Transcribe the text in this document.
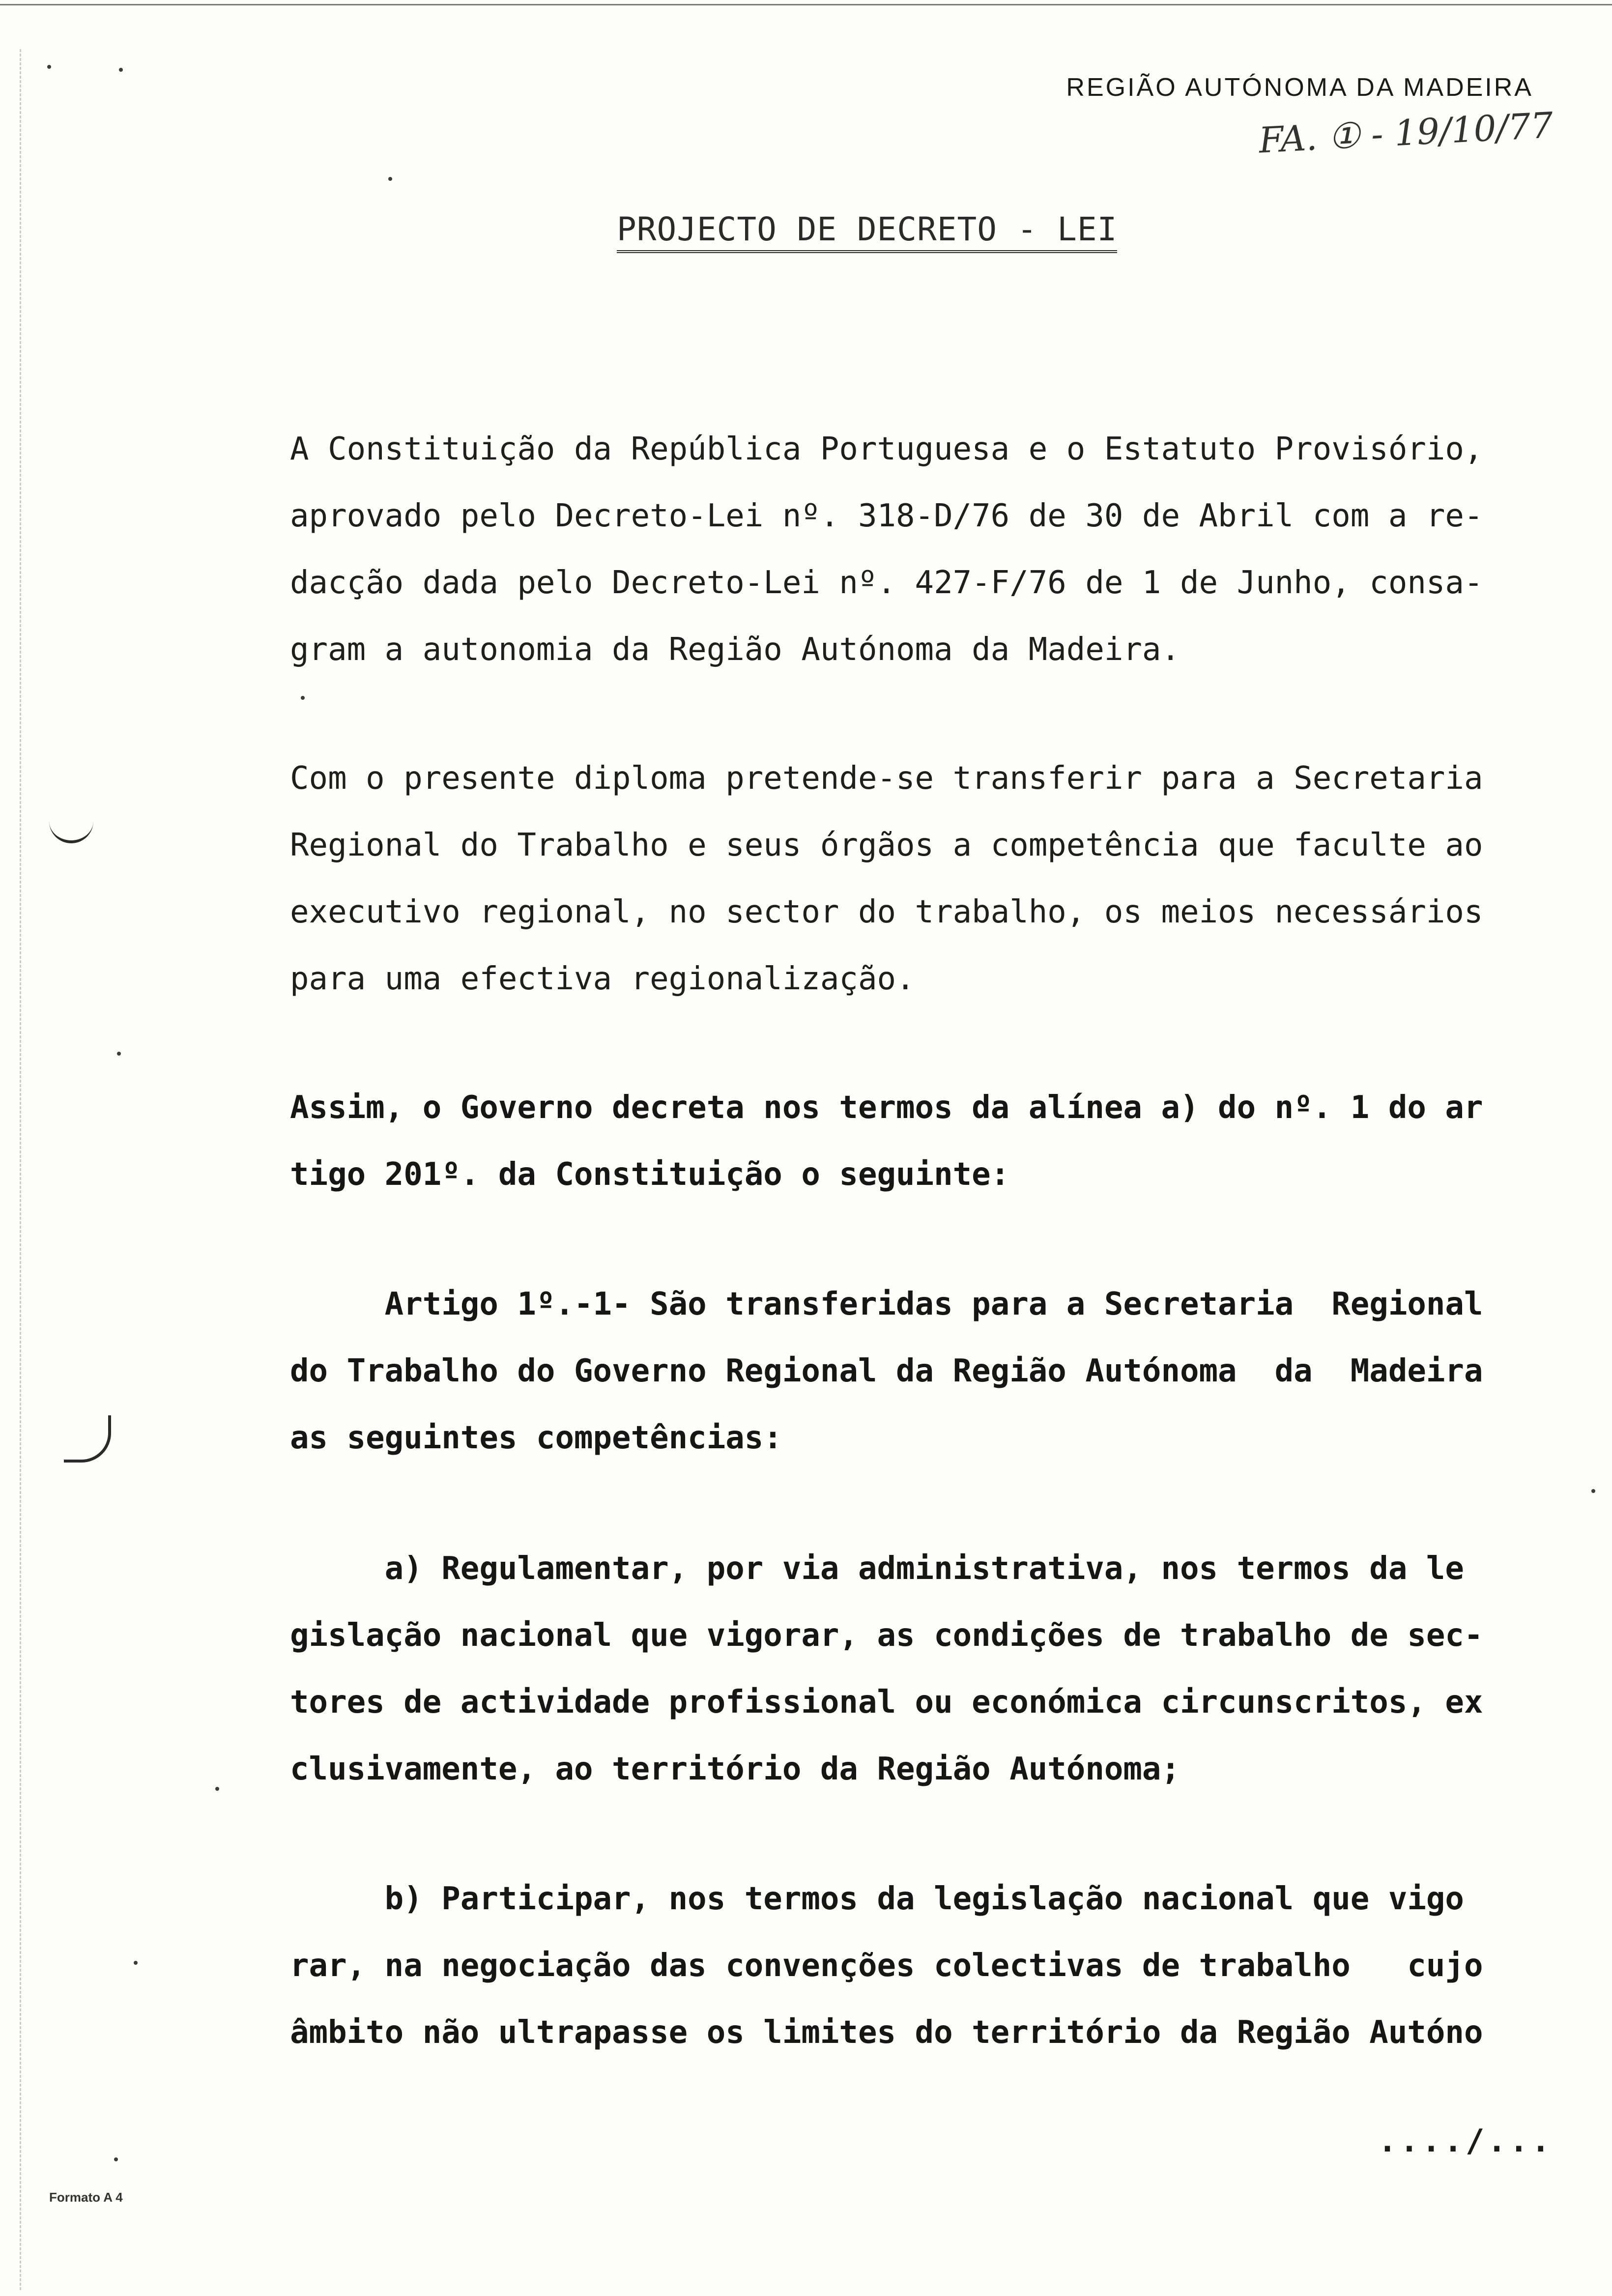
REGIÃO AUTÓNOMA DA MADEIRA
FA. ① - 19/10/77
PROJECTO DE DECRETO - LEI
A Constituição da República Portuguesa e o Estatuto Provisório,
aprovado pelo Decreto-Lei nº. 318-D/76 de 30 de Abril com a re-
dacção dada pelo Decreto-Lei nº. 427-F/76 de 1 de Junho, consa-
gram a autonomia da Região Autónoma da Madeira.
Com o presente diploma pretende-se transferir para a Secretaria
Regional do Trabalho e seus órgãos a competência que faculte ao
executivo regional, no sector do trabalho, os meios necessários
para uma efectiva regionalização.
Assim, o Governo decreta nos termos da alínea a) do nº. 1 do ar
tigo 201º. da Constituição o seguinte:
Artigo 1º.-1- São transferidas para a Secretaria  Regional
do Trabalho do Governo Regional da Região Autónoma  da  Madeira
as seguintes competências:
a) Regulamentar, por via administrativa, nos termos da le
gislação nacional que vigorar, as condições de trabalho de sec-
tores de actividade profissional ou económica circunscritos, ex
clusivamente, ao território da Região Autónoma;
b) Participar, nos termos da legislação nacional que vigo
rar, na negociação das convenções colectivas de trabalho   cujo
âmbito não ultrapasse os limites do território da Região Autóno
..../...
Formato A 4
